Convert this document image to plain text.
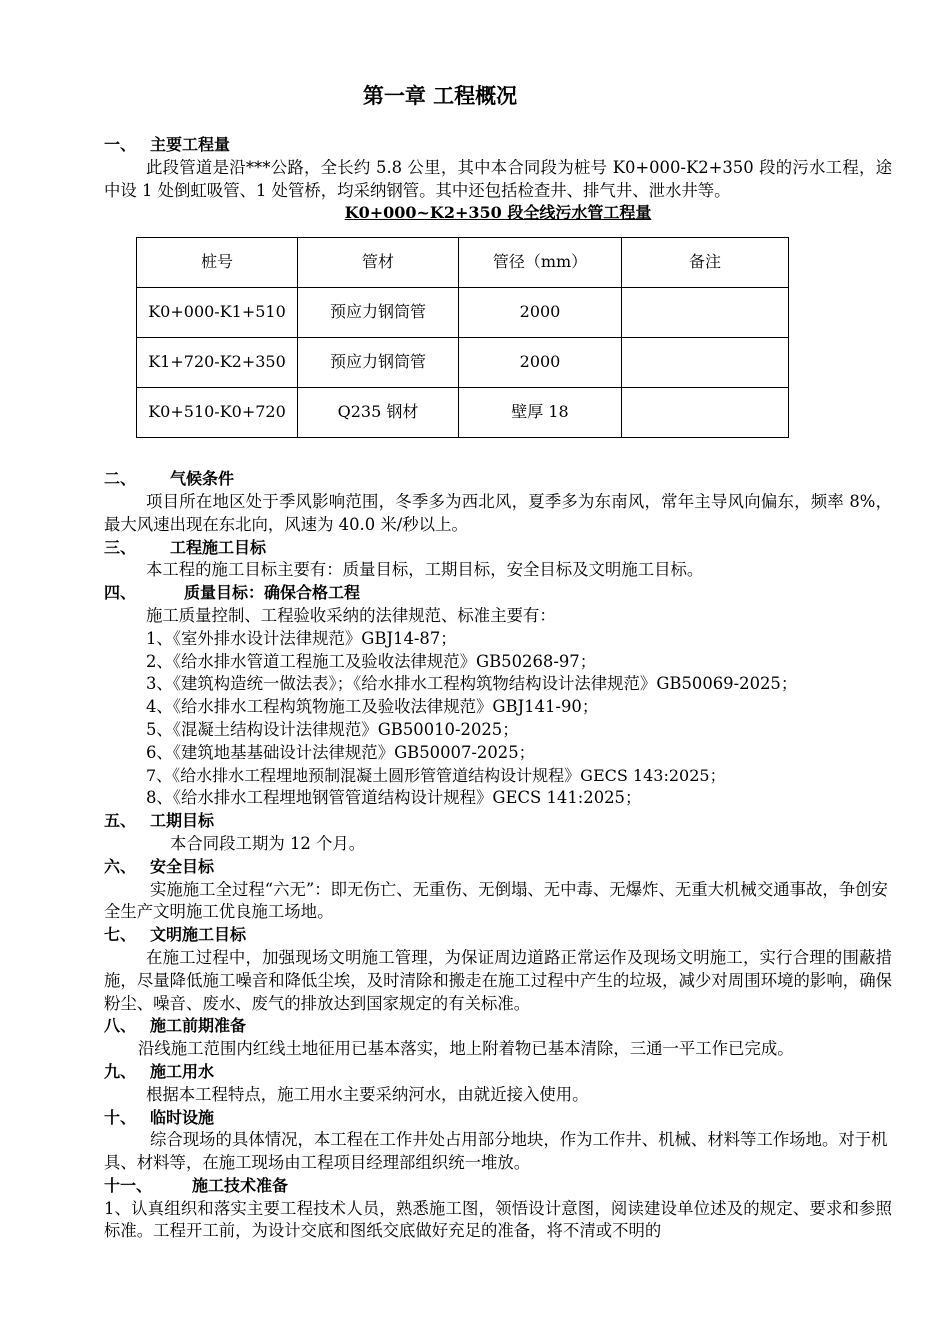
第一章 工程概况
一、 主要工程量
此段管道是沿***公路，全长约 5.8 公里，其中本合同段为桩号 K0+000-K2+350 段的污水工程，途中设 1 处倒虹吸管、1 处管桥，均采纳钢管。其中还包括检查井、排气井、泄水井等。
K0+000~K2+350 段全线污水管工程量
桩号	管材	管径（mm）	备注
K0+000-K1+510	预应力钢筒管	2000	
K1+720-K2+350	预应力钢筒管	2000	
K0+510-K0+720	Q235 钢材	壁厚 18	
二、 气候条件
项目所在地区处于季风影响范围，冬季多为西北风，夏季多为东南风，常年主导风向偏东，频率 8%，最大风速出现在东北向，风速为 40.0 米/秒以上。
三、 工程施工目标
本工程的施工目标主要有：质量目标，工期目标，安全目标及文明施工目标。
四、	质量目标：确保合格工程
施工质量控制、工程验收采纳的法律规范、标准主要有：
1、《室外排水设计法律规范》GBJ14-87；
2、《给水排水管道工程施工及验收法律规范》GB50268-97；
3、《建筑构造统一做法表》；《给水排水工程构筑物结构设计法律规范》GB50069-2025；
4、《给水排水工程构筑物施工及验收法律规范》GBJ141-90；
5、《混凝土结构设计法律规范》GB50010-2025；
6、《建筑地基基础设计法律规范》GB50007-2025；
7、《给水排水工程埋地预制混凝土圆形管管道结构设计规程》GECS 143:2025；
8、《给水排水工程埋地钢管管道结构设计规程》GECS 141:2025；
五、 工期目标
本合同段工期为 12 个月。
六、 安全目标
实施施工全过程“六无”：即无伤亡、无重伤、无倒塌、无中毒、无爆炸、无重大机械交通事故，争创安全生产文明施工优良施工场地。
七、 文明施工目标
在施工过程中，加强现场文明施工管理，为保证周边道路正常运作及现场文明施工，实行合理的围蔽措施，尽量降低施工噪音和降低尘埃，及时清除和搬走在施工过程中产生的垃圾，减少对周围环境的影响，确保粉尘、噪音、废水、废气的排放达到国家规定的有关标准。
八、 施工前期准备
沿线施工范围内红线土地征用已基本落实，地上附着物已基本清除，三通一平工作已完成。
九、 施工用水
根据本工程特点，施工用水主要采纳河水，由就近接入使用。
十、 临时设施
综合现场的具体情况，本工程在工作井处占用部分地块，作为工作井、机械、材料等工作场地。对于机具、材料等，在施工现场由工程项目经理部组织统一堆放。
十一、 施工技术准备
1、认真组织和落实主要工程技术人员，熟悉施工图，领悟设计意图，阅读建设单位述及的规定、要求和参照标准。工程开工前，为设计交底和图纸交底做好充足的准备，将不清或不明的
